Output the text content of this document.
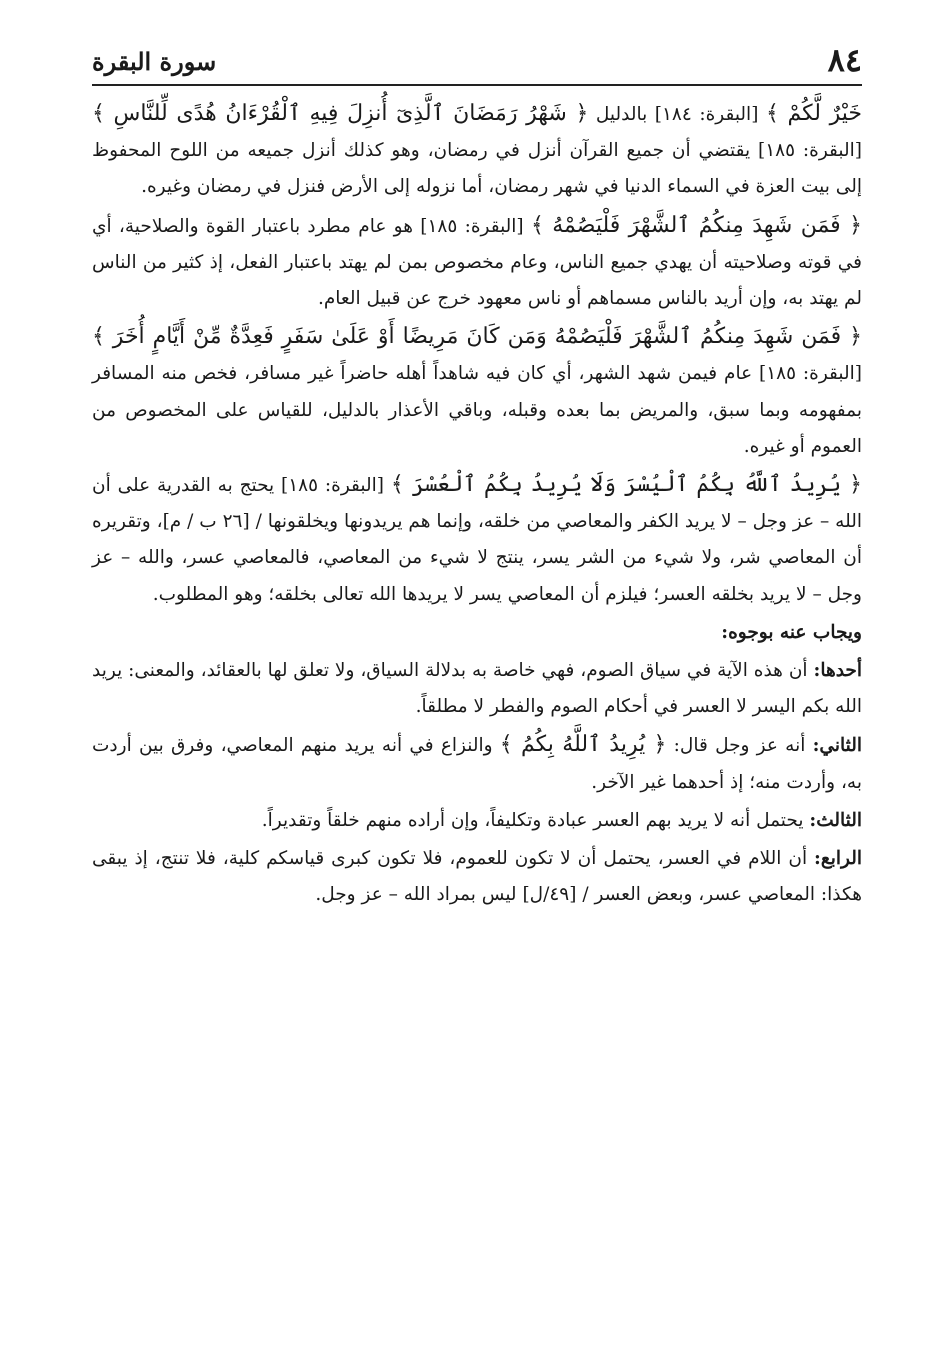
٨٤
سورة البقرة

خَيْرٌ لَّكُمْ ﴾ [البقرة: ١٨٤] بالدليل ﴿ شَهْرُ رَمَضَانَ ٱلَّذِىٓ أُنزِلَ فِيهِ ٱلْقُرْءَانُ هُدًى لِّلنَّاسِ ﴾ [البقرة: ١٨٥] يقتضي أن جميع القرآن أنزل في رمضان، وهو كذلك أنزل جميعه من اللوح المحفوظ إلى بيت العزة في السماء الدنيا في شهر رمضان، أما نزوله إلى الأرض فنزل في رمضان وغيره.

﴿ فَمَن شَهِدَ مِنكُمُ ٱلشَّهْرَ فَلْيَصُمْهُ ﴾ [البقرة: ١٨٥] هو عام مطرد باعتبار القوة والصلاحية، أي في قوته وصلاحيته أن يهدي جميع الناس، وعام مخصوص بمن لم يهتد باعتبار الفعل، إذ كثير من الناس لم يهتد به، وإن أريد بالناس مسماهم أو ناس معهود خرج عن قبيل العام.

﴿ فَمَن شَهِدَ مِنكُمُ ٱلشَّهْرَ فَلْيَصُمْهُ وَمَن كَانَ مَرِيضًا أَوْ عَلَىٰ سَفَرٍ فَعِدَّةٌ مِّنْ أَيَّامٍ أُخَرَ ﴾ [البقرة: ١٨٥] عام فيمن شهد الشهر، أي كان فيه شاهداً أهله حاضراً غير مسافر، فخص منه المسافر بمفهومه وبما سبق، والمريض بما بعده وقبله، وباقي الأعذار بالدليل، للقياس على المخصوص من العموم أو غيره.

﴿ يُرِيدُ ٱللَّهُ بِكُمُ ٱلْيُسْرَ وَلَا يُرِيدُ بِكُمُ ٱلْعُسْرَ ﴾ [البقرة: ١٨٥] يحتج به القدرية على أن الله – عز وجل – لا يريد الكفر والمعاصي من خلقه، وإنما هم يريدونها ويخلقونها / [٢٦ ب / م]، وتقريره أن المعاصي شر، ولا شيء من الشر يسر، ينتج لا شيء من المعاصي، فالمعاصي عسر، والله – عز وجل – لا يريد بخلقه العسر؛ فيلزم أن المعاصي يسر لا يريدها الله تعالى بخلقه؛ وهو المطلوب.

ويجاب عنه بوجوه:

أحدها: أن هذه الآية في سياق الصوم، فهي خاصة به بدلالة السياق، ولا تعلق لها بالعقائد، والمعنى: يريد الله بكم اليسر لا العسر في أحكام الصوم والفطر لا مطلقاً.

الثاني: أنه عز وجل قال: ﴿ يُرِيدُ ٱللَّهُ بِكُمُ ﴾ والنزاع في أنه يريد منهم المعاصي، وفرق بين أردت به، وأردت منه؛ إذ أحدهما غير الآخر.

الثالث: يحتمل أنه لا يريد بهم العسر عبادة وتكليفاً، وإن أراده منهم خلقاً وتقديراً.

الرابع: أن اللام في العسر، يحتمل أن لا تكون للعموم، فلا تكون كبرى قياسكم كلية، فلا تنتج، إذ يبقى هكذا: المعاصي عسر، وبعض العسر / [٤٩/ل] ليس بمراد الله – عز وجل.
